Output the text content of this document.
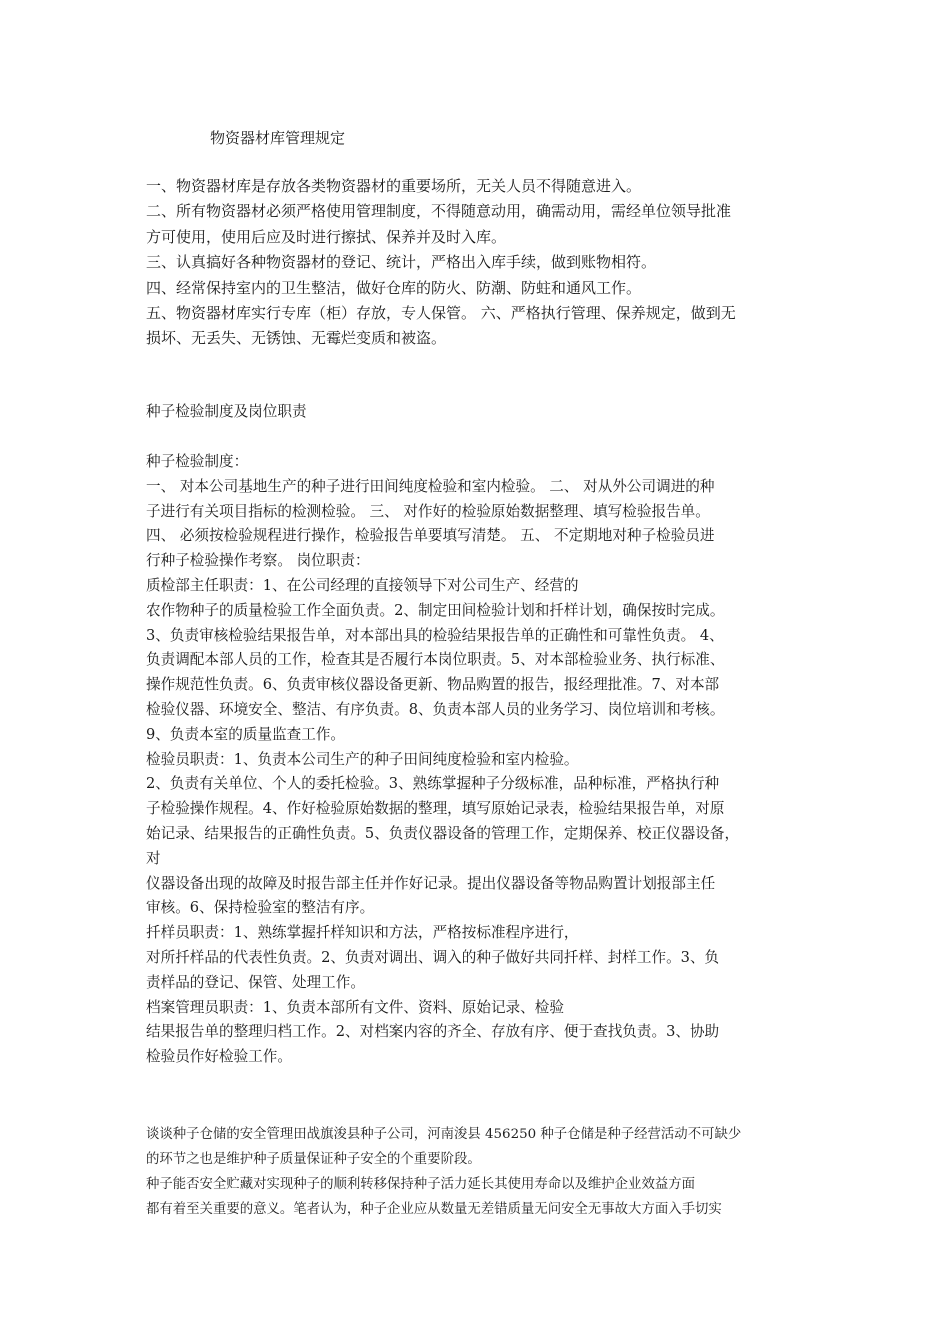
物资器材库管理规定
一、物资器材库是存放各类物资器材的重要场所，无关人员不得随意进入。
二、所有物资器材必须严格使用管理制度，不得随意动用，确需动用，需经单位领导批准
方可使用，使用后应及时进行擦拭、保养并及时入库。
三、认真搞好各种物资器材的登记、统计，严格出入库手续，做到账物相符。
四、经常保持室内的卫生整洁，做好仓库的防火、防潮、防蛀和通风工作。
五、物资器材库实行专库（柜）存放，专人保管。 六、严格执行管理、保养规定，做到无
损坏、无丢失、无锈蚀、无霉烂变质和被盗。
种子检验制度及岗位职责
种子检验制度：
一、 对本公司基地生产的种子进行田间纯度检验和室内检验。 二、 对从外公司调进的种
子进行有关项目指标的检测检验。 三、 对作好的检验原始数据整理、填写检验报告单。
四、 必须按检验规程进行操作，检验报告单要填写清楚。 五、 不定期地对种子检验员进
行种子检验操作考察。 岗位职责：
质检部主任职责：1、在公司经理的直接领导下对公司生产、经营的
农作物种子的质量检验工作全面负责。2、制定田间检验计划和扦样计划，确保按时完成。
3、负责审核检验结果报告单，对本部出具的检验结果报告单的正确性和可靠性负责。 4、
负责调配本部人员的工作，检查其是否履行本岗位职责。5、对本部检验业务、执行标准、
操作规范性负责。6、负责审核仪器设备更新、物品购置的报告，报经理批准。7、对本部
检验仪器、环境安全、整洁、有序负责。8、负责本部人员的业务学习、岗位培训和考核。
9、负责本室的质量监查工作。
检验员职责：1、负责本公司生产的种子田间纯度检验和室内检验。
2、负责有关单位、个人的委托检验。3、熟练掌握种子分级标准，品种标准，严格执行种
子检验操作规程。4、作好检验原始数据的整理，填写原始记录表，检验结果报告单，对原
始记录、结果报告的正确性负责。5、负责仪器设备的管理工作，定期保养、校正仪器设备，
对
仪器设备出现的故障及时报告部主任并作好记录。提出仪器设备等物品购置计划报部主任
审核。6、保持检验室的整洁有序。
扦样员职责：1、熟练掌握扦样知识和方法，严格按标准程序进行，
对所扦样品的代表性负责。2、负责对调出、调入的种子做好共同扦样、封样工作。3、负
责样品的登记、保管、处理工作。
档案管理员职责：1、负责本部所有文件、资料、原始记录、检验
结果报告单的整理归档工作。2、对档案内容的齐全、存放有序、便于查找负责。3、协助
检验员作好检验工作。
谈谈种子仓储的安全管理田战旗浚县种子公司，河南浚县 456250 种子仓储是种子经营活动不可缺少
的环节之也是维护种子质量保证种子安全的个重要阶段。
种子能否安全贮藏对实现种子的顺利转移保持种子活力延长其使用寿命以及维护企业效益方面
都有着至关重要的意义。笔者认为，种子企业应从数量无差错质量无问安全无事故大方面入手切实
